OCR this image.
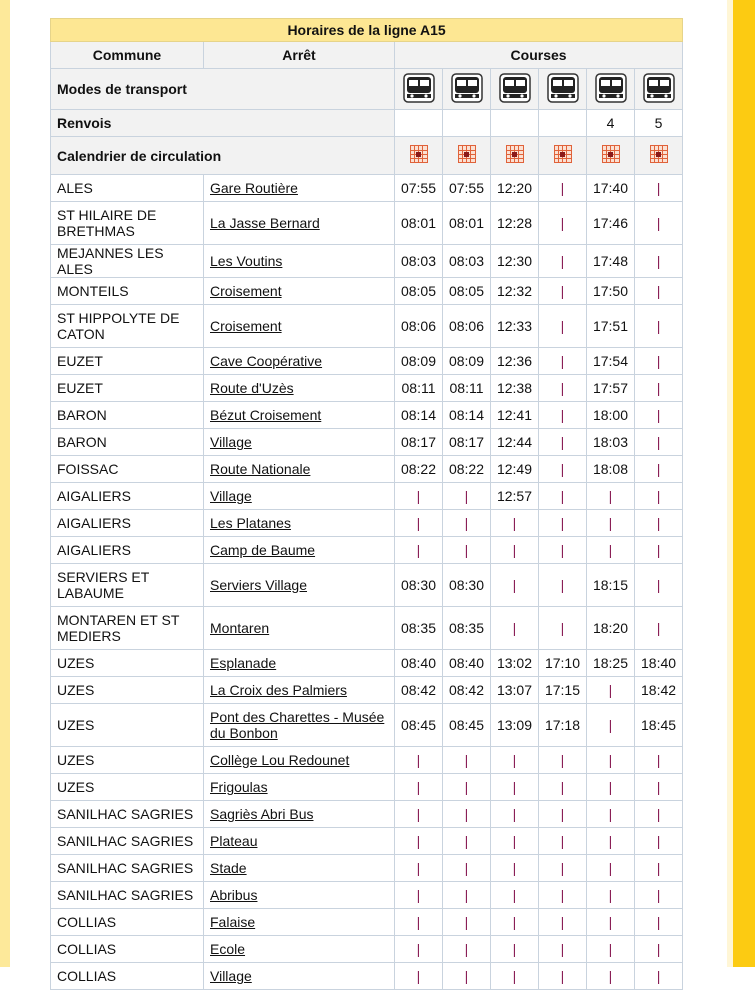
Horaires de la ligne A15							
Commune	Arrêt	Courses					
Modes de transport						
Renvois						4	5
Calendrier de circulation						
ALES	Gare Routière	07:55	07:55	12:20	|	17:40	|
ST HILAIRE DE BRETHMAS	La Jasse Bernard	08:01	08:01	12:28	|	17:46	|
MEJANNES LES ALES	Les Voutins	08:03	08:03	12:30	|	17:48	|
MONTEILS	Croisement	08:05	08:05	12:32	|	17:50	|
ST HIPPOLYTE DE CATON	Croisement	08:06	08:06	12:33	|	17:51	|
EUZET	Cave Coopérative	08:09	08:09	12:36	|	17:54	|
EUZET	Route d'Uzès	08:11	08:11	12:38	|	17:57	|
BARON	Bézut Croisement	08:14	08:14	12:41	|	18:00	|
BARON	Village	08:17	08:17	12:44	|	18:03	|
FOISSAC	Route Nationale	08:22	08:22	12:49	|	18:08	|
AIGALIERS	Village	|	|	12:57	|	|	|
AIGALIERS	Les Platanes	|	|	|	|	|	|
AIGALIERS	Camp de Baume	|	|	|	|	|	|
SERVIERS ET LABAUME	Serviers Village	08:30	08:30	|	|	18:15	|
MONTAREN ET ST MEDIERS	Montaren	08:35	08:35	|	|	18:20	|
UZES	Esplanade	08:40	08:40	13:02	17:10	18:25	18:40
UZES	La Croix des Palmiers	08:42	08:42	13:07	17:15	|	18:42
UZES	Pont des Charettes - Musée du Bonbon	08:45	08:45	13:09	17:18	|	18:45
UZES	Collège Lou Redounet	|	|	|	|	|	|
UZES	Frigoulas	|	|	|	|	|	|
SANILHAC SAGRIES	Sagriès Abri Bus	|	|	|	|	|	|
SANILHAC SAGRIES	Plateau	|	|	|	|	|	|
SANILHAC SAGRIES	Stade	|	|	|	|	|	|
SANILHAC SAGRIES	Abribus	|	|	|	|	|	|
COLLIAS	Falaise	|	|	|	|	|	|
COLLIAS	Ecole	|	|	|	|	|	|
COLLIAS	Village	|	|	|	|	|	|
